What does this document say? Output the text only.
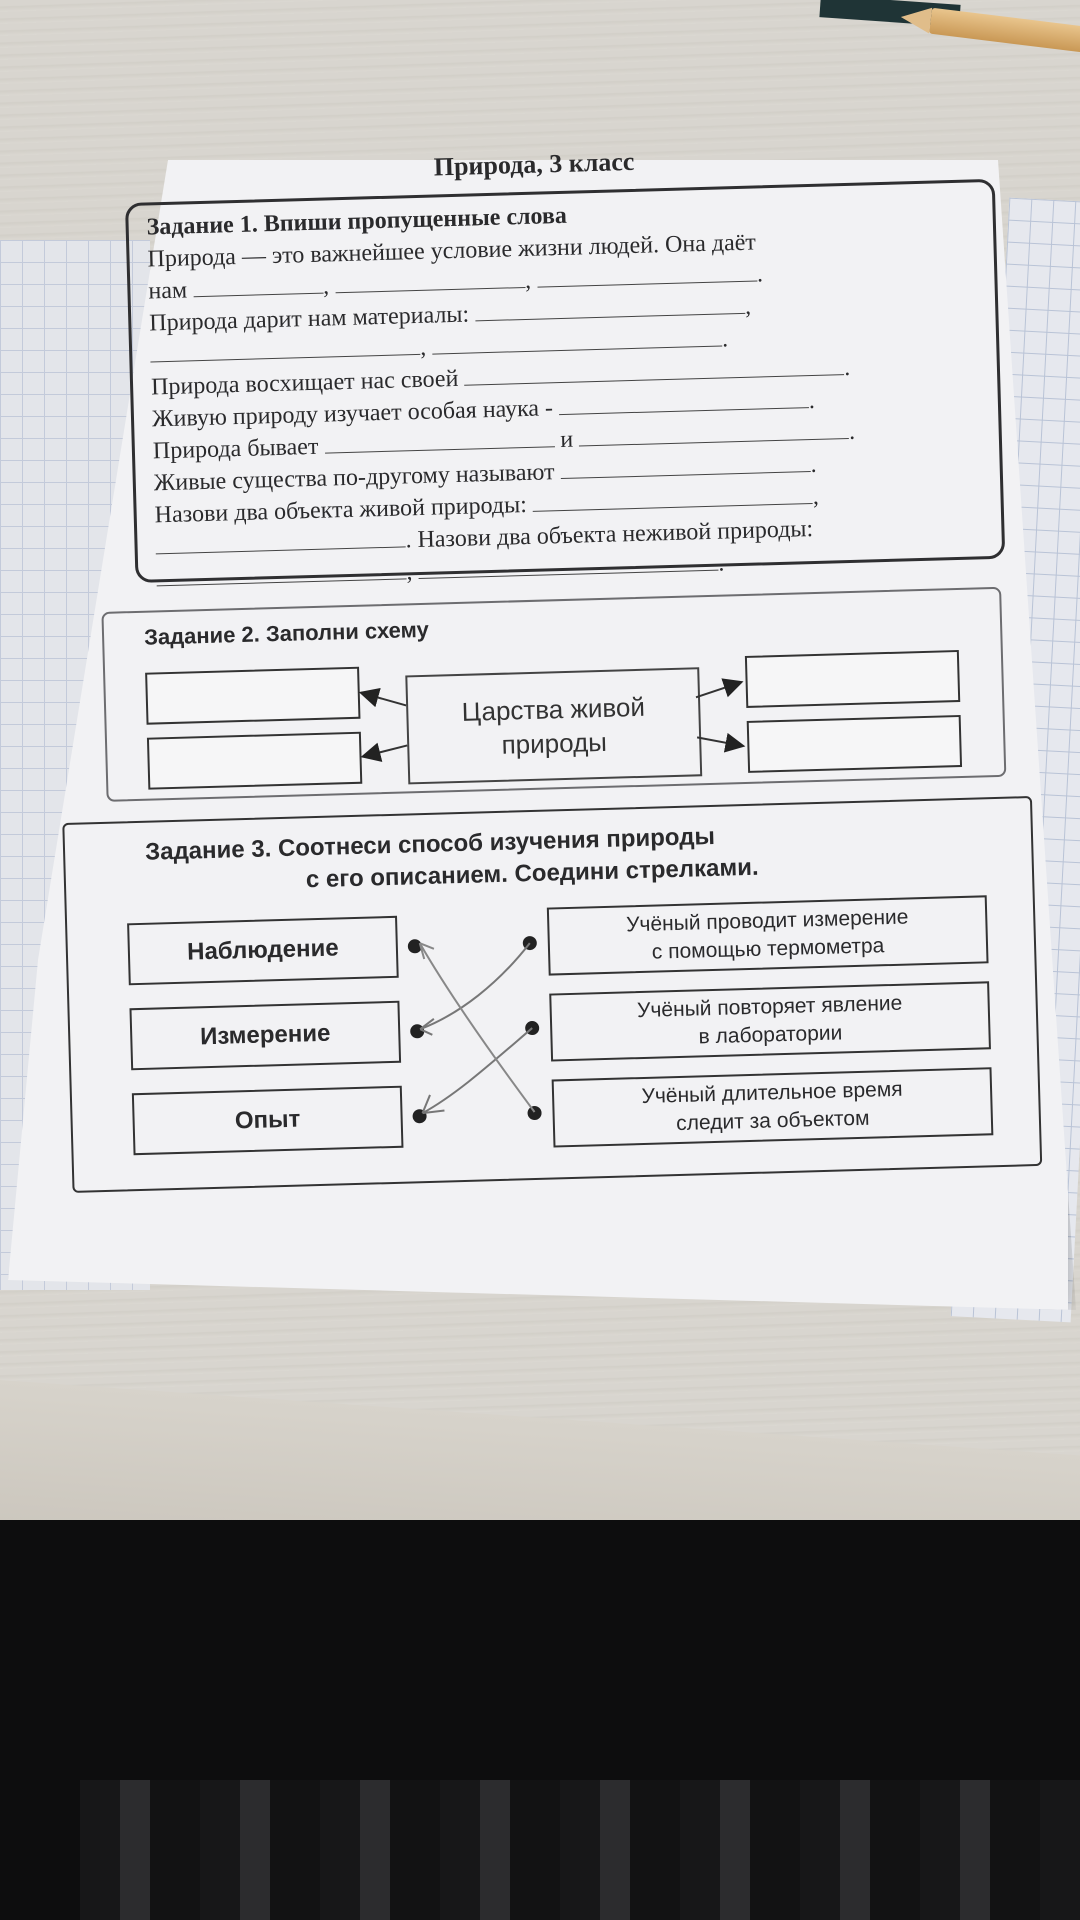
Природа, 3 класс
Задание 1. Впиши пропущенные слова
Природа — это важнейшее условие жизни людей. Она даёт
нам	,	,	.
Природа дарит нам материалы:	,
,	.
Природа восхищает нас своей	.
Живую природу изучает особая наука -	.
Природа бывает	и	.
Живые существа по-другому называют	.
Назови два объекта живой природы:	,
. Назови два объекта неживой природы:
,	.
Задание 2. Заполни схему
Царства живой
природы
Задание 3. Соотнеси способ изучения природы
с его описанием. Соедини стрелками.
Наблюдение
Измерение
Опыт
Учёный проводит измерение
с помощью термометра
Учёный повторяет явление
в лаборатории
Учёный длительное время
следит за объектом
